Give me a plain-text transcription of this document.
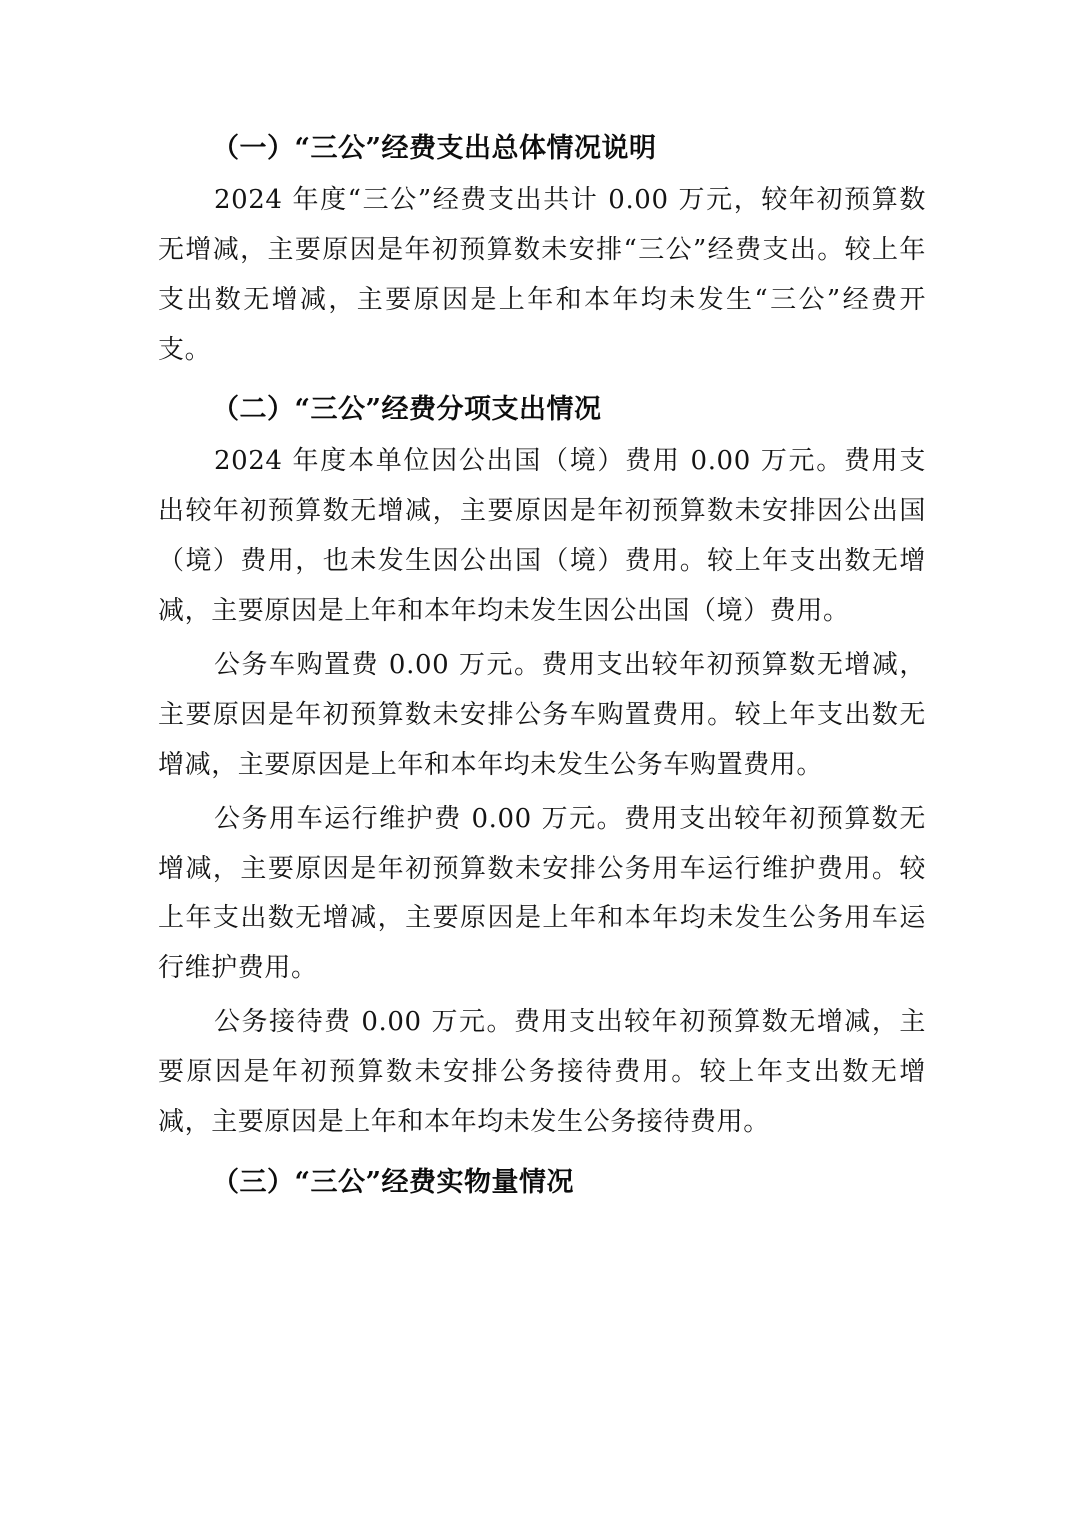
（一）“三公”经费支出总体情况说明

2024 年度“三公”经费支出共计 0.00 万元，较年初预算数无增减，主要原因是年初预算数未安排“三公”经费支出。较上年支出数无增减，主要原因是上年和本年均未发生“三公”经费开支。

（二）“三公”经费分项支出情况

2024 年度本单位因公出国（境）费用 0.00 万元。费用支出较年初预算数无增减，主要原因是年初预算数未安排因公出国（境）费用，也未发生因公出国（境）费用。较上年支出数无增减，主要原因是上年和本年均未发生因公出国（境）费用。

公务车购置费 0.00 万元。费用支出较年初预算数无增减，主要原因是年初预算数未安排公务车购置费用。较上年支出数无增减，主要原因是上年和本年均未发生公务车购置费用。

公务用车运行维护费 0.00 万元。费用支出较年初预算数无增减，主要原因是年初预算数未安排公务用车运行维护费用。较上年支出数无增减，主要原因是上年和本年均未发生公务用车运行维护费用。

公务接待费 0.00 万元。费用支出较年初预算数无增减，主要原因是年初预算数未安排公务接待费用。较上年支出数无增减，主要原因是上年和本年均未发生公务接待费用。

（三）“三公”经费实物量情况
